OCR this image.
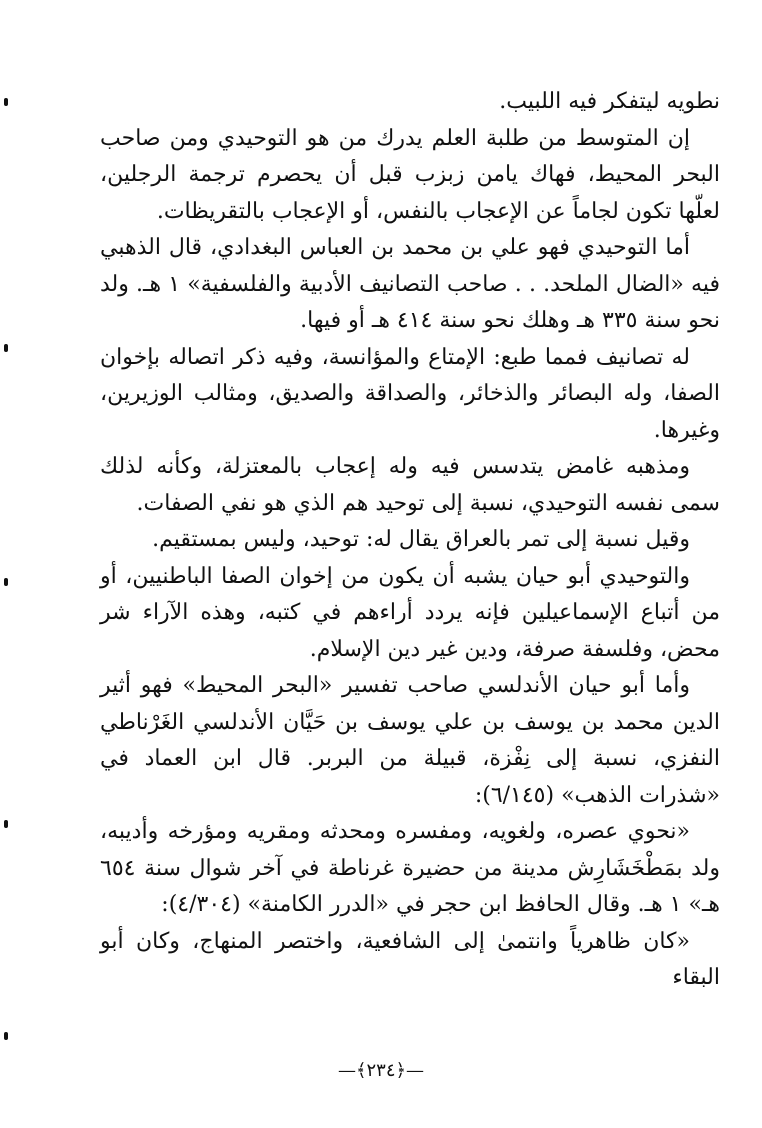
نطويه ليتفكر فيه اللبيب.

إن المتوسط من طلبة العلم يدرك من هو التوحيدي ومن صاحب البحر المحيط، فهاك يامن زبزب قبل أن يحصرم ترجمة الرجلين، لعلّها تكون لجاماً عن الإعجاب بالنفس، أو الإعجاب بالتقريظات.

أما التوحيدي فهو علي بن محمد بن العباس البغدادي، قال الذهبي فيه «الضال الملحد. . . صاحب التصانيف الأدبية والفلسفية» ١ هـ. ولد نحو سنة ٣٣٥ هـ وهلك نحو سنة ٤١٤ هـ أو فيها.

له تصانيف فمما طبع: الإمتاع والمؤانسة، وفيه ذكر اتصاله بإخوان الصفا، وله البصائر والذخائر، والصداقة والصديق، ومثالب الوزيرين، وغيرها.

ومذهبه غامض يتدسس فيه وله إعجاب بالمعتزلة، وكأنه لذلك سمى نفسه التوحيدي، نسبة إلى توحيد هم الذي هو نفي الصفات.

وقيل نسبة إلى تمر بالعراق يقال له: توحيد، وليس بمستقيم.

والتوحيدي أبو حيان يشبه أن يكون من إخوان الصفا الباطنيين، أو من أتباع الإسماعيلين فإنه يردد أراءهم في كتبه، وهذه الآراء شر محض، وفلسفة صرفة، ودين غير دين الإسلام.

وأما أبو حيان الأندلسي صاحب تفسير «البحر المحيط» فهو أثير الدين محمد بن يوسف بن علي يوسف بن حَيَّان الأندلسي الغَرْناطي النفزي، نسبة إلى نِفْزة، قبيلة من البربر. قال ابن العماد في «شذرات الذهب» (٦/١٤٥):

«نحوي عصره، ولغويه، ومفسره ومحدثه ومقريه ومؤرخه وأديبه، ولد بمَطْخَشَارِش مدينة من حضيرة غرناطة في آخر شوال سنة ٦٥٤ هـ» ١ هـ. وقال الحافظ ابن حجر في «الدرر الكامنة» (٤/٣٠٤):

«كان ظاهرياً وانتمىٰ إلى الشافعية، واختصر المنهاج، وكان أبو البقاء

—﴿٢٣٤﴾—
